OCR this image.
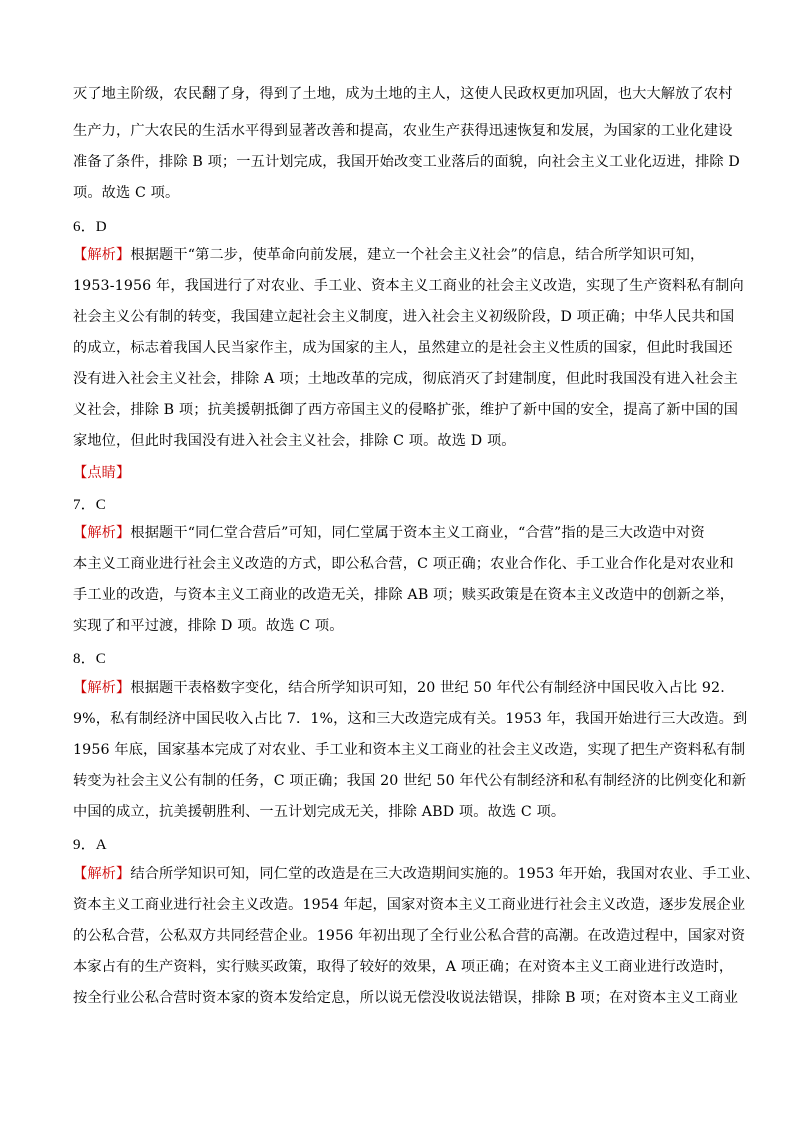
灭了地主阶级，农民翻了身，得到了土地，成为土地的主人，这使人民政权更加巩固，也大大解放了农村
生产力，广大农民的生活水平得到显著改善和提高，农业生产获得迅速恢复和发展，为国家的工业化建设
准备了条件，排除 B 项；一五计划完成，我国开始改变工业落后的面貌，向社会主义工业化迈进，排除 D
项。故选 C 项。
6．D
【解析】根据题干“第二步，使革命向前发展，建立一个社会主义社会”的信息，结合所学知识可知，
1953-1956 年，我国进行了对农业、手工业、资本主义工商业的社会主义改造，实现了生产资料私有制向
社会主义公有制的转变，我国建立起社会主义制度，进入社会主义初级阶段，D 项正确；中华人民共和国
的成立，标志着我国人民当家作主，成为国家的主人，虽然建立的是社会主义性质的国家，但此时我国还
没有进入社会主义社会，排除 A 项；土地改革的完成，彻底消灭了封建制度，但此时我国没有进入社会主
义社会，排除 B 项；抗美援朝抵御了西方帝国主义的侵略扩张，维护了新中国的安全，提高了新中国的国
家地位，但此时我国没有进入社会主义社会，排除 C 项。故选 D 项。
【点睛】
7．C
【解析】根据题干“同仁堂合营后”可知，同仁堂属于资本主义工商业，“合营”指的是三大改造中对资
本主义工商业进行社会主义改造的方式，即公私合营，C 项正确；农业合作化、手工业合作化是对农业和
手工业的改造，与资本主义工商业的改造无关，排除 AB 项；赎买政策是在资本主义改造中的创新之举，
实现了和平过渡，排除 D 项。故选 C 项。
8．C
【解析】根据题干表格数字变化，结合所学知识可知，20 世纪 50 年代公有制经济中国民收入占比 92.
9%，私有制经济中国民收入占比 7．1%，这和三大改造完成有关。1953 年，我国开始进行三大改造。到
1956 年底，国家基本完成了对农业、手工业和资本主义工商业的社会主义改造，实现了把生产资料私有制
转变为社会主义公有制的任务，C 项正确；我国 20 世纪 50 年代公有制经济和私有制经济的比例变化和新
中国的成立，抗美援朝胜利、一五计划完成无关，排除 ABD 项。故选 C 项。
9．A
【解析】结合所学知识可知，同仁堂的改造是在三大改造期间实施的。1953 年开始，我国对农业、手工业、
资本主义工商业进行社会主义改造。1954 年起，国家对资本主义工商业进行社会主义改造，逐步发展企业
的公私合营，公私双方共同经营企业。1956 年初出现了全行业公私合营的高潮。在改造过程中，国家对资
本家占有的生产资料，实行赎买政策，取得了较好的效果，A 项正确；在对资本主义工商业进行改造时，
按全行业公私合营时资本家的资本发给定息，所以说无偿没收说法错误，排除 B 项；在对资本主义工商业
